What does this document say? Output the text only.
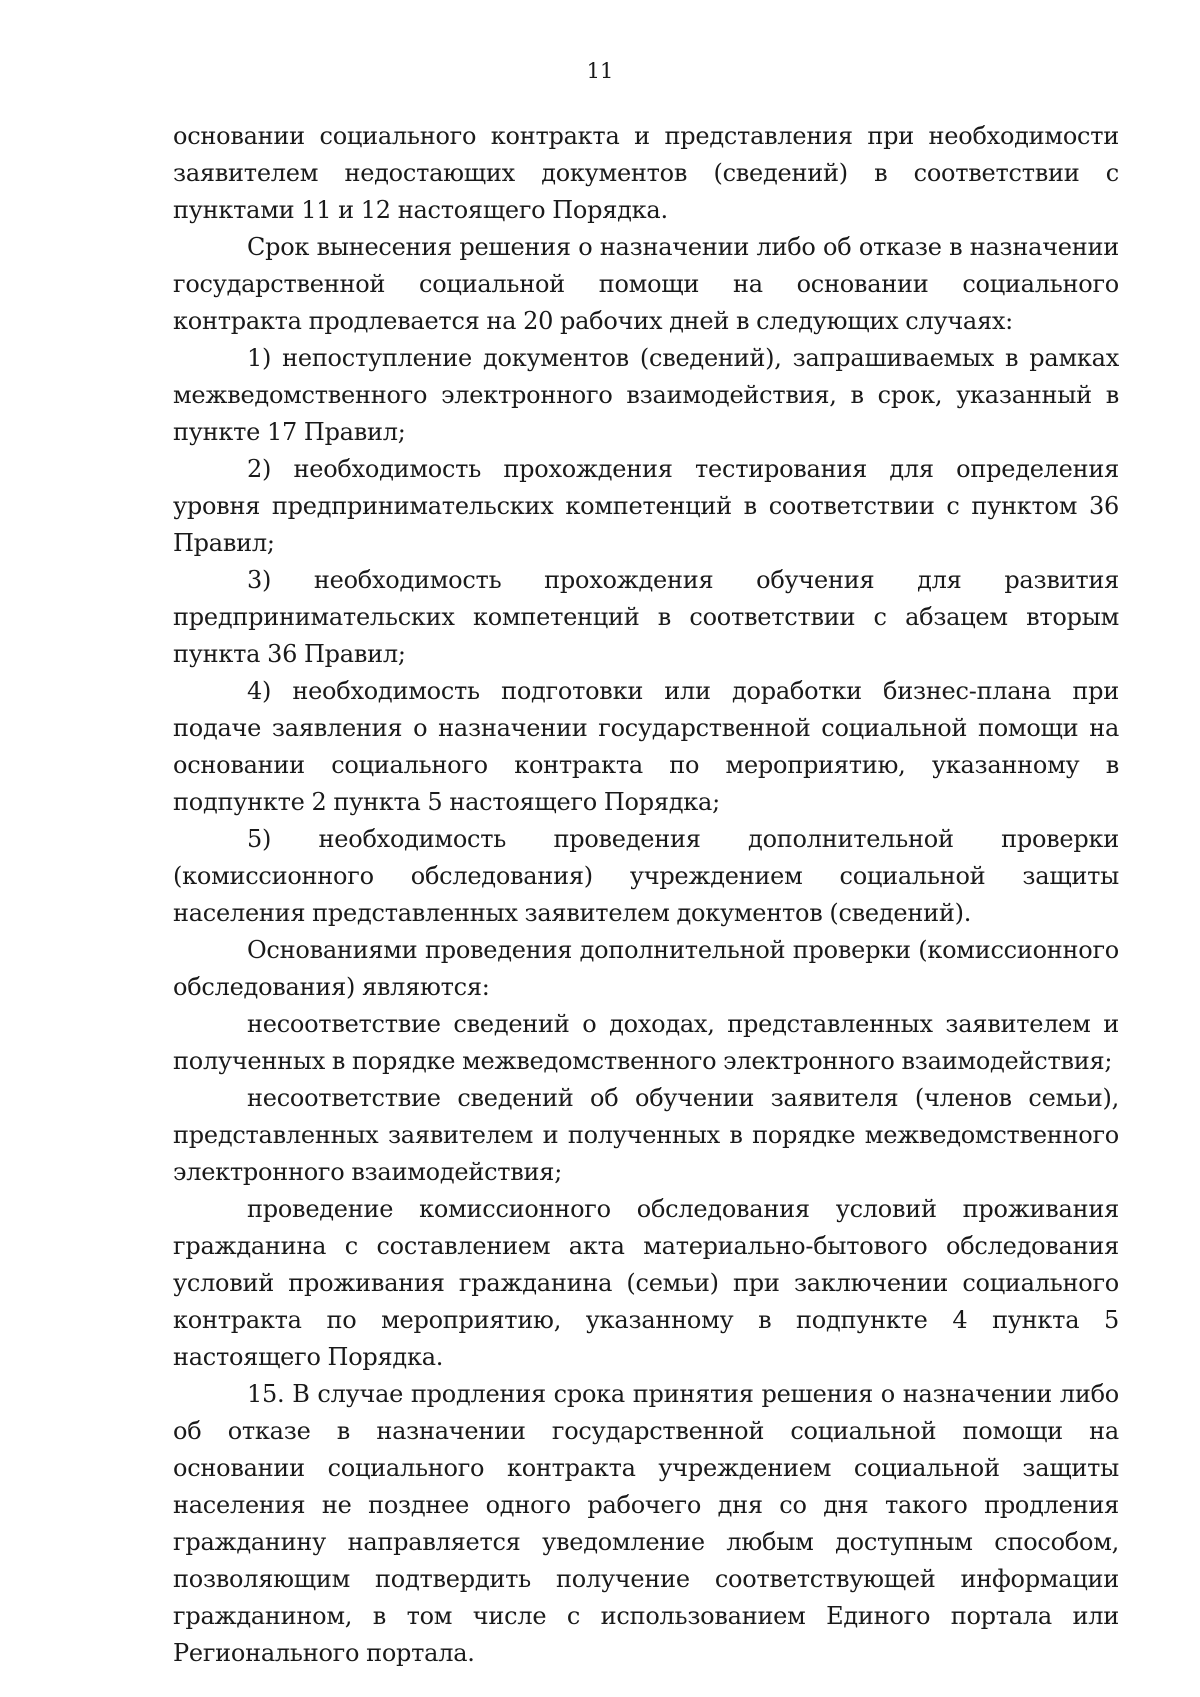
11

основании социального контракта и представления при необходимости заявителем недостающих документов (сведений) в соответствии с пунктами 11 и 12 настоящего Порядка.

Срок вынесения решения о назначении либо об отказе в назначении государственной социальной помощи на основании социального контракта продлевается на 20 рабочих дней в следующих случаях:

1) непоступление документов (сведений), запрашиваемых в рамках межведомственного электронного взаимодействия, в срок, указанный в пункте 17 Правил;

2) необходимость прохождения тестирования для определения уровня предпринимательских компетенций в соответствии с пунктом 36 Правил;

3) необходимость прохождения обучения для развития предпринимательских компетенций в соответствии с абзацем вторым пункта 36 Правил;

4) необходимость подготовки или доработки бизнес-плана при подаче заявления о назначении государственной социальной помощи на основании социального контракта по мероприятию, указанному в подпункте 2 пункта 5 настоящего Порядка;

5) необходимость проведения дополнительной проверки (комиссионного обследования) учреждением социальной защиты населения представленных заявителем документов (сведений).

Основаниями проведения дополнительной проверки (комиссионного обследования) являются:

несоответствие сведений о доходах, представленных заявителем и полученных в порядке межведомственного электронного взаимодействия;

несоответствие сведений об обучении заявителя (членов семьи), представленных заявителем и полученных в порядке межведомственного электронного взаимодействия;

проведение комиссионного обследования условий проживания гражданина с составлением акта материально-бытового обследования условий проживания гражданина (семьи) при заключении социального контракта по мероприятию, указанному в подпункте 4 пункта 5 настоящего Порядка.

15. В случае продления срока принятия решения о назначении либо об отказе в назначении государственной социальной помощи на основании социального контракта учреждением социальной защиты населения не позднее одного рабочего дня со дня такого продления гражданину направляется уведомление любым доступным способом, позволяющим подтвердить получение соответствующей информации гражданином, в том числе с использованием Единого портала или Регионального портала.
